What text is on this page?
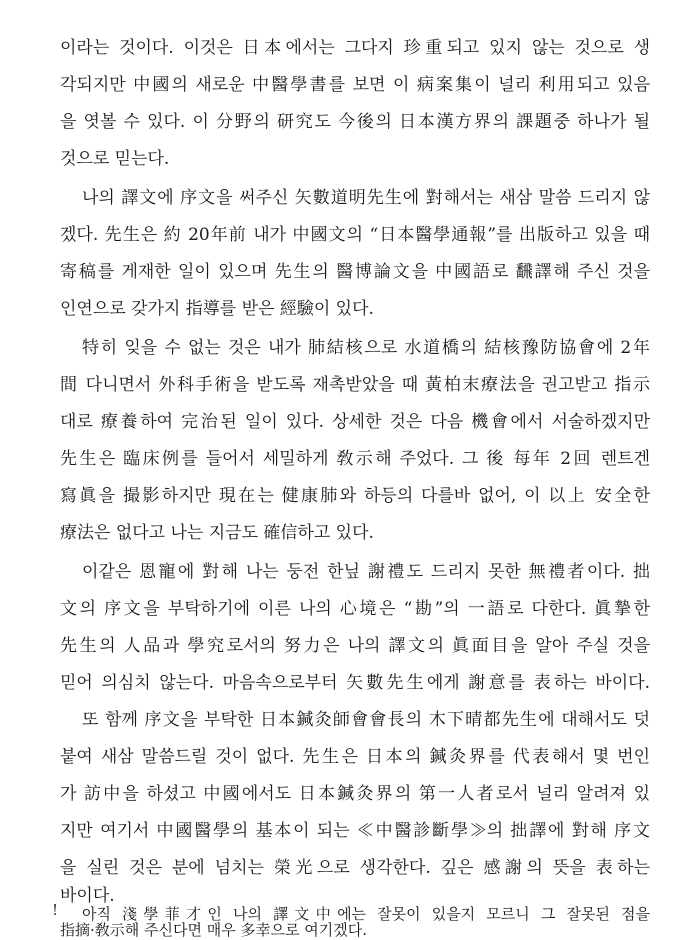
이라는 것이다. 이것은 日本에서는 그다지 珍重되고 있지 않는 것으로 생
각되지만 中國의 새로운 中醫學書를 보면 이 病案集이 널리 利用되고 있음
을 엿볼 수 있다. 이 分野의 研究도 今後의 日本漢方界의 課題중 하나가 될
것으로 믿는다.
나의 譯文에 序文을 써주신 矢數道明先生에 對해서는 새삼 말씀 드리지 않
겠다. 先生은 約 20年前 내가 中國文의 “日本醫學通報”를 出版하고 있을 때
寄稿를 게재한 일이 있으며 先生의 醫博論文을 中國語로 飜譯해 주신 것을
인연으로 갖가지 指導를 받은 經驗이 있다.
特히 잊을 수 없는 것은 내가 肺結核으로 水道橋의 結核豫防協會에 2年
間 다니면서 外科手術을 받도록 재촉받았을 때 黃柏末療法을 권고받고 指示
대로 療養하여 完治된 일이 있다. 상세한 것은 다음 機會에서 서술하겠지만
先生은 臨床例를 들어서 세밀하게 敎示해 주었다. 그 後 每年 2回 렌트겐
寫眞을 撮影하지만 現在는 健康肺와 하등의 다를바 없어, 이 以上 安全한
療法은 없다고 나는 지금도 確信하고 있다.
이같은 恩寵에 對해 나는 둥전 한닢 謝禮도 드리지 못한 無禮者이다. 拙
文의 序文을 부탁하기에 이른 나의 心境은 “勘”의 一語로 다한다. 眞摯한
先生의 人品과 學究로서의 努力은 나의 譯文의 眞面目을 알아 주실 것을
믿어 의심치 않는다. 마음속으로부터 矢數先生에게 謝意를 表하는 바이다.
또 함께 序文을 부탁한 日本鍼灸師會會長의 木下晴都先生에 대해서도 덧
붙여 새삼 말씀드릴 것이 없다. 先生은 日本의 鍼灸界를 代表해서 몇 번인
가 訪中을 하셨고 中國에서도 日本鍼灸界의 第一人者로서 널리 알려져 있
지만 여기서 中國醫學의 基本이 되는 ≪中醫診斷學≫의 拙譯에 對해 序文
을 실린 것은 분에 넘치는 榮光으로 생각한다. 깊은 感謝의 뜻을 表하는
바이다.
아직 淺學菲才인 나의 譯文中에는 잘못이 있을지 모르니 그 잘못된 점을
指摘·敎示해 주신다면 매우 多幸으로 여기겠다.
!
